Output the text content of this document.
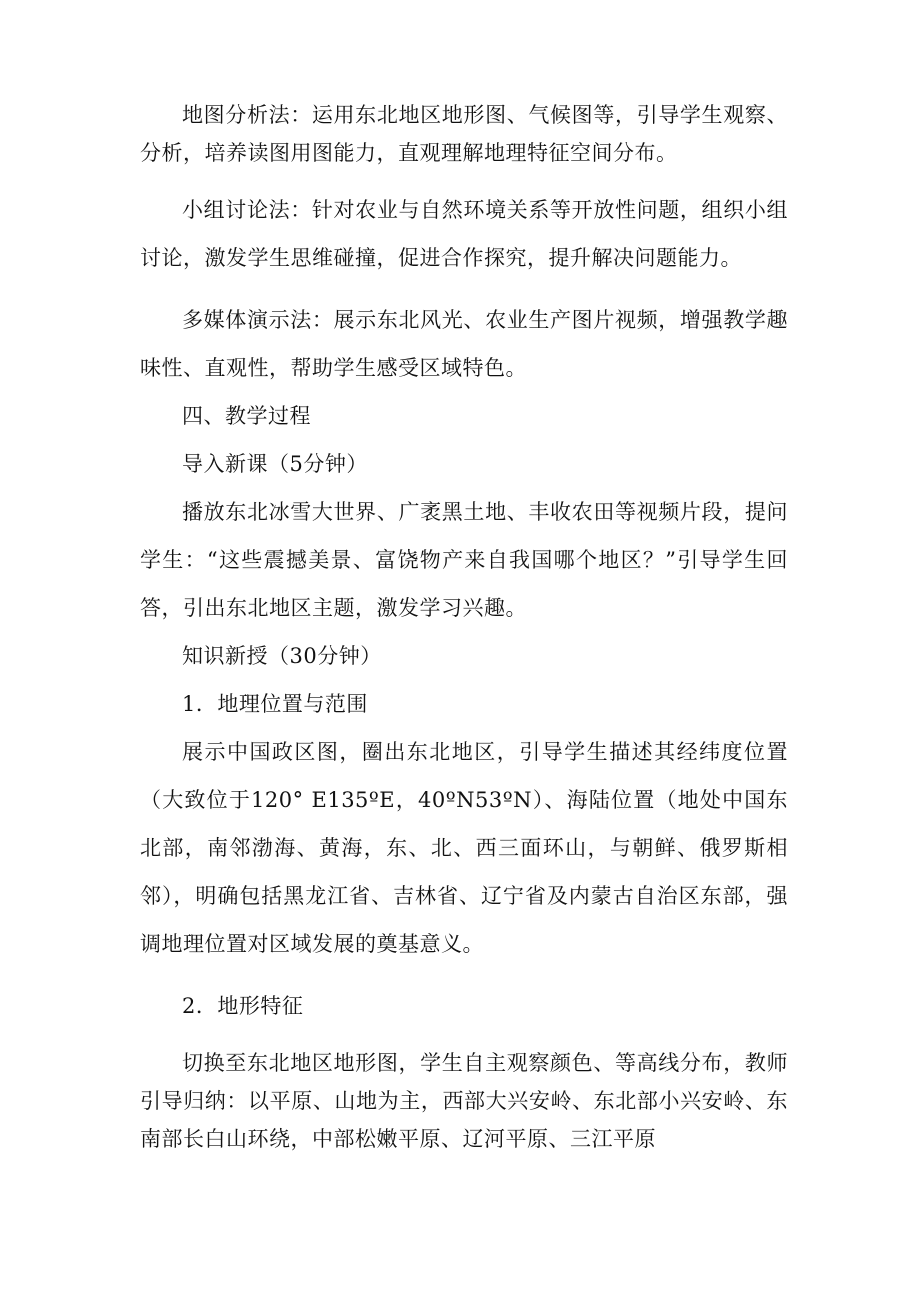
地图分析法：运用东北地区地形图、气候图等，引导学生观察、分析，培养读图用图能力，直观理解地理特征空间分布。

小组讨论法：针对农业与自然环境关系等开放性问题，组织小组讨论，激发学生思维碰撞，促进合作探究，提升解决问题能力。

多媒体演示法：展示东北风光、农业生产图片视频，增强教学趣味性、直观性，帮助学生感受区域特色。

四、教学过程

导入新课（5分钟）

播放东北冰雪大世界、广袤黑土地、丰收农田等视频片段，提问学生：“这些震撼美景、富饶物产来自我国哪个地区？”引导学生回答，引出东北地区主题，激发学习兴趣。

知识新授（30分钟）

1．地理位置与范围

展示中国政区图，圈出东北地区，引导学生描述其经纬度位置（大致位于120° E135ºE，40ºN53ºN）、海陆位置（地处中国东北部，南邻渤海、黄海，东、北、西三面环山，与朝鲜、俄罗斯相邻），明确包括黑龙江省、吉林省、辽宁省及内蒙古自治区东部，强调地理位置对区域发展的奠基意义。

2．地形特征

切换至东北地区地形图，学生自主观察颜色、等高线分布，教师引导归纳：以平原、山地为主，西部大兴安岭、东北部小兴安岭、东南部长白山环绕，中部松嫩平原、辽河平原、三江平原
